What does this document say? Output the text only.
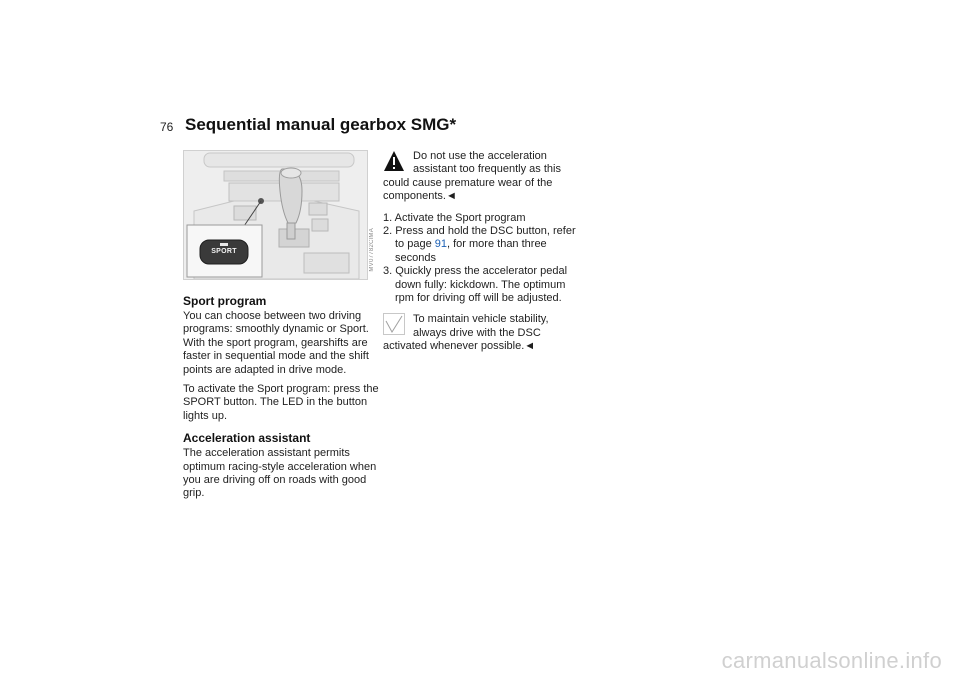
76 Sequential manual gearbox SMG*
SPORT	MV07782ClMA
Sport program

You can choose between two driving programs: smoothly dynamic or Sport. With the sport program, gearshifts are faster in sequential mode and the shift points are adapted in drive mode.

To activate the Sport program: press the SPORT button. The LED in the button lights up.

Acceleration assistant

The acceleration assistant permits optimum racing-style acceleration when you are driving off on roads with good grip.

Do not use the acceleration assistant too frequently as this could cause premature wear of the components.◄
1. Activate the Sport program
2. Press and hold the DSC button, refer to page 91, for more than three seconds
3. Quickly press the accelerator pedal down fully: kickdown. The optimum rpm for driving off will be adjusted.
To maintain vehicle stability, always drive with the DSC activated whenever possible.◄
carmanualsonline.info
